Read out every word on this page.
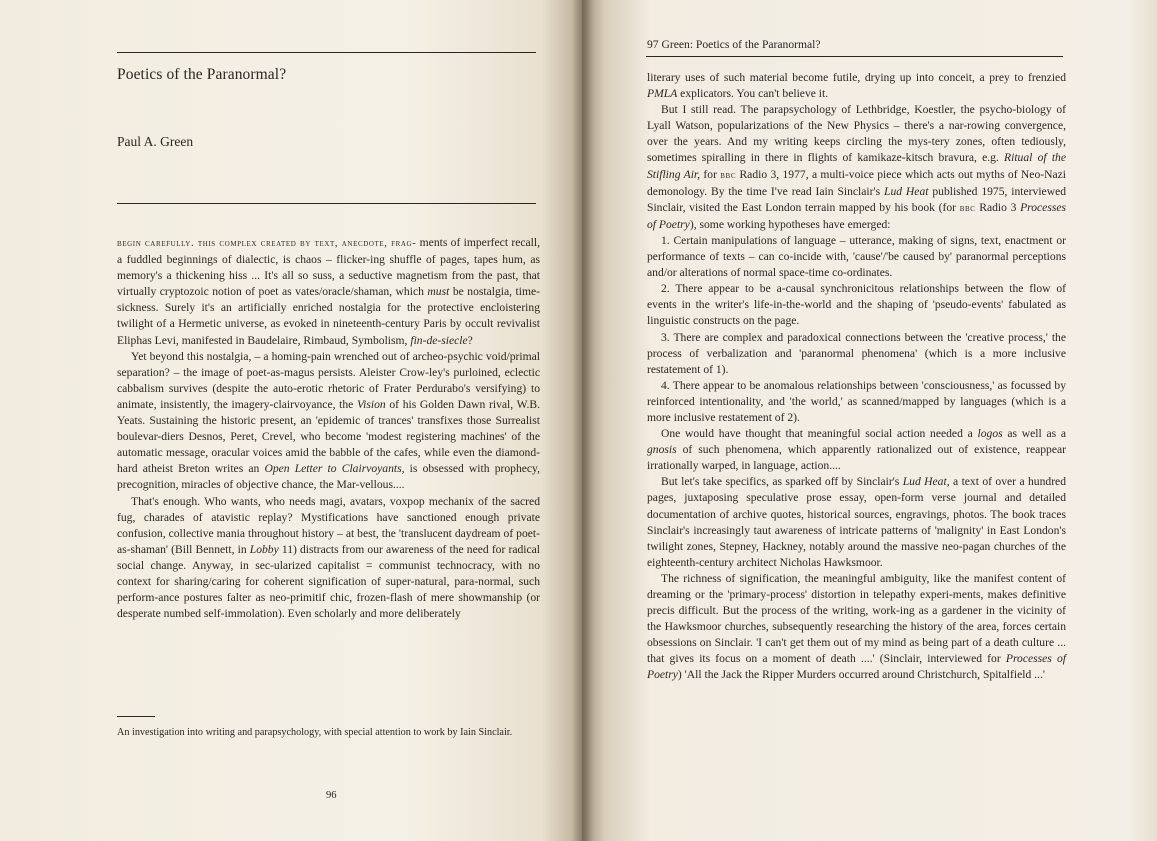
Poetics of the Paranormal?
Paul A. Green

begin carefully. this complex created by text, anecdote, frag- ments of imperfect recall, a fuddled beginnings of dialectic, is chaos – flicker-ing shuffle of pages, tapes hum, as memory's a thickening hiss ... It's all so suss, a seductive magnetism from the past, that virtually cryptozoic notion of poet as vates/oracle/shaman, which must be nostalgia, time-sickness. Surely it's an artificially enriched nostalgia for the protective encloistering twilight of a Hermetic universe, as evoked in nineteenth-century Paris by occult revivalist Eliphas Levi, manifested in Baudelaire, Rimbaud, Symbolism, fin-de-siecle?

Yet beyond this nostalgia, – a homing-pain wrenched out of archeo-psychic void/primal separation? – the image of poet-as-magus persists. Aleister Crow-ley's purloined, eclectic cabbalism survives (despite the auto-erotic rhetoric of Frater Perdurabo's versifying) to animate, insistently, the imagery-clairvoyance, the Vision of his Golden Dawn rival, W.B. Yeats. Sustaining the historic present, an 'epidemic of trances' transfixes those Surrealist boulevar-diers Desnos, Peret, Crevel, who become 'modest registering machines' of the automatic message, oracular voices amid the babble of the cafes, while even the diamond-hard atheist Breton writes an Open Letter to Clairvoyants, is obsessed with prophecy, precognition, miracles of objective chance, the Mar-vellous....

That's enough. Who wants, who needs magi, avatars, voxpop mechanix of the sacred fug, charades of atavistic replay? Mystifications have sanctioned enough private confusion, collective mania throughout history – at best, the 'translucent daydream of poet-as-shaman' (Bill Bennett, in Lobby 11) distracts from our awareness of the need for radical social change. Anyway, in sec-ularized capitalist = communist technocracy, with no context for sharing/caring for coherent signification of super-natural, para-normal, such perform-ance postures falter as neo-primitif chic, frozen-flash of mere showmanship (or desperate numbed self-immolation). Even scholarly and more deliberately

An investigation into writing and parapsychology, with special attention to work by Iain Sinclair.
96
97 Green: Poetics of the Paranormal?

literary uses of such material become futile, drying up into conceit, a prey to frenzied PMLA explicators. You can't believe it.

But I still read. The parapsychology of Lethbridge, Koestler, the psycho-biology of Lyall Watson, popularizations of the New Physics – there's a nar-rowing convergence, over the years. And my writing keeps circling the mys-tery zones, often tediously, sometimes spiralling in there in flights of kamikaze-kitsch bravura, e.g. Ritual of the Stifling Air, for bbc Radio 3, 1977, a multi-voice piece which acts out myths of Neo-Nazi demonology. By the time I've read Iain Sinclair's Lud Heat published 1975, interviewed Sinclair, visited the East London terrain mapped by his book (for bbc Radio 3 Processes of Poetry), some working hypotheses have emerged:

1. Certain manipulations of language – utterance, making of signs, text, enactment or performance of texts – can co-incide with, 'cause'/'be caused by' paranormal perceptions and/or alterations of normal space-time co-ordinates.

2. There appear to be a-causal synchronicitous relationships between the flow of events in the writer's life-in-the-world and the shaping of 'pseudo-events' fabulated as linguistic constructs on the page.

3. There are complex and paradoxical connections between the 'creative process,' the process of verbalization and 'paranormal phenomena' (which is a more inclusive restatement of 1).

4. There appear to be anomalous relationships between 'consciousness,' as focussed by reinforced intentionality, and 'the world,' as scanned/mapped by languages (which is a more inclusive restatement of 2).

One would have thought that meaningful social action needed a logos as well as a gnosis of such phenomena, which apparently rationalized out of existence, reappear irrationally warped, in language, action....

But let's take specifics, as sparked off by Sinclair's Lud Heat, a text of over a hundred pages, juxtaposing speculative prose essay, open-form verse journal and detailed documentation of archive quotes, historical sources, engravings, photos. The book traces Sinclair's increasingly taut awareness of intricate patterns of 'malignity' in East London's twilight zones, Stepney, Hackney, notably around the massive neo-pagan churches of the eighteenth-century architect Nicholas Hawksmoor.

The richness of signification, the meaningful ambiguity, like the manifest content of dreaming or the 'primary-process' distortion in telepathy experi-ments, makes definitive precis difficult. But the process of the writing, work-ing as a gardener in the vicinity of the Hawksmoor churches, subsequently researching the history of the area, forces certain obsessions on Sinclair. 'I can't get them out of my mind as being part of a death culture ... that gives its focus on a moment of death ....' (Sinclair, interviewed for Processes of Poetry) 'All the Jack the Ripper Murders occurred around Christchurch, Spitalfield ...'
